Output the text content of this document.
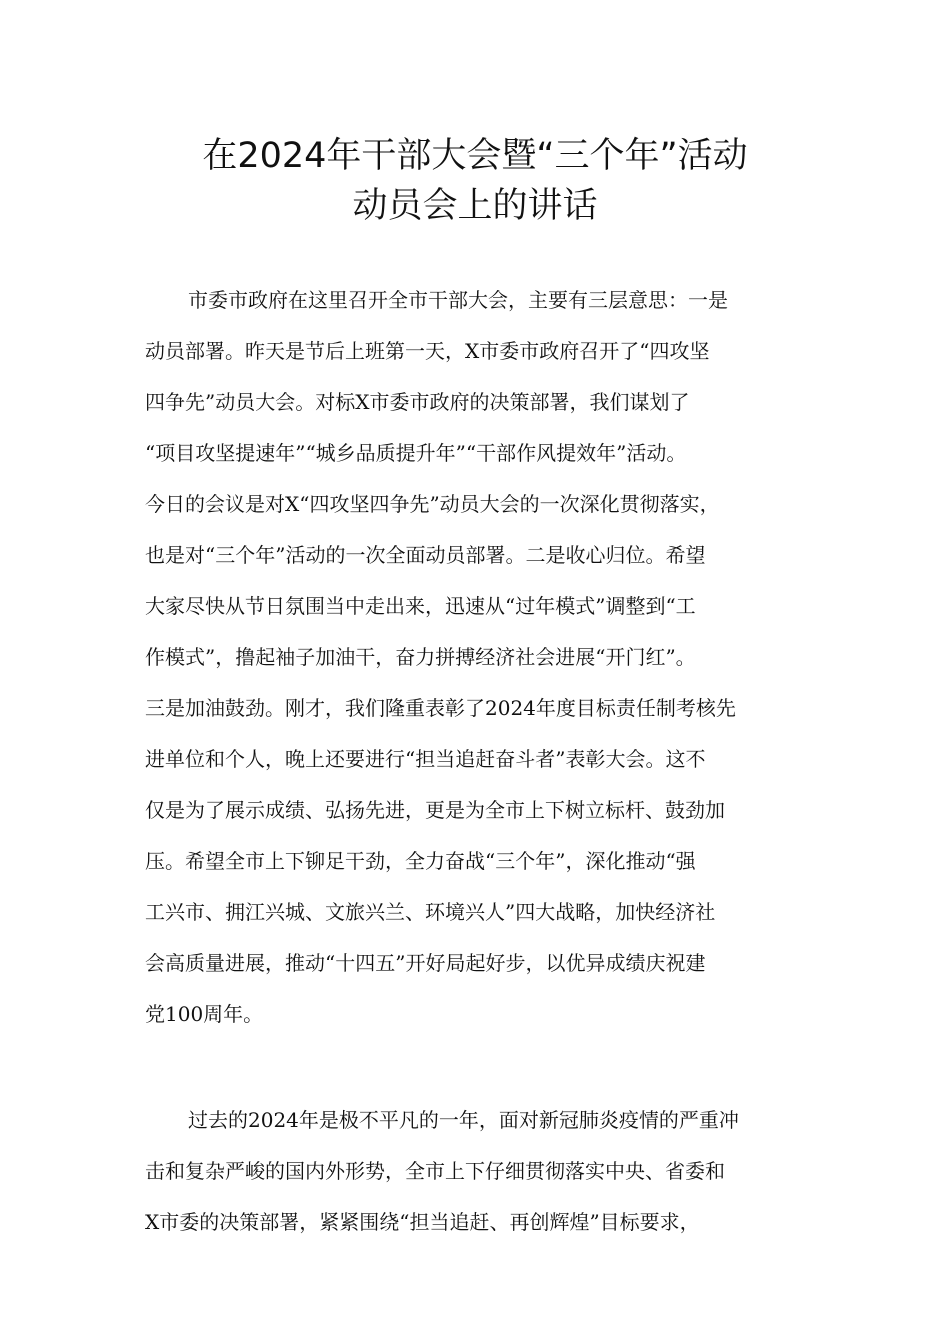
在2024年干部大会暨“三个年”活动
动员会上的讲话
市委市政府在这里召开全市干部大会，主要有三层意思：一是
动员部署。昨天是节后上班第一天，X市委市政府召开了“四攻坚
四争先”动员大会。对标X市委市政府的决策部署，我们谋划了
“项目攻坚提速年”“城乡品质提升年”“干部作风提效年”活动。
今日的会议是对X“四攻坚四争先”动员大会的一次深化贯彻落实，
也是对“三个年”活动的一次全面动员部署。二是收心归位。希望
大家尽快从节日氛围当中走出来，迅速从“过年模式”调整到“工
作模式”，撸起袖子加油干，奋力拼搏经济社会进展“开门红”。
三是加油鼓劲。刚才，我们隆重表彰了2024年度目标责任制考核先
进单位和个人，晚上还要进行“担当追赶奋斗者”表彰大会。这不
仅是为了展示成绩、弘扬先进，更是为全市上下树立标杆、鼓劲加
压。希望全市上下铆足干劲，全力奋战“三个年”，深化推动“强
工兴市、拥江兴城、文旅兴兰、环境兴人”四大战略，加快经济社
会高质量进展，推动“十四五”开好局起好步，以优异成绩庆祝建
党100周年。
过去的2024年是极不平凡的一年，面对新冠肺炎疫情的严重冲
击和复杂严峻的国内外形势，全市上下仔细贯彻落实中央、省委和
X市委的决策部署，紧紧围绕“担当追赶、再创辉煌”目标要求，
